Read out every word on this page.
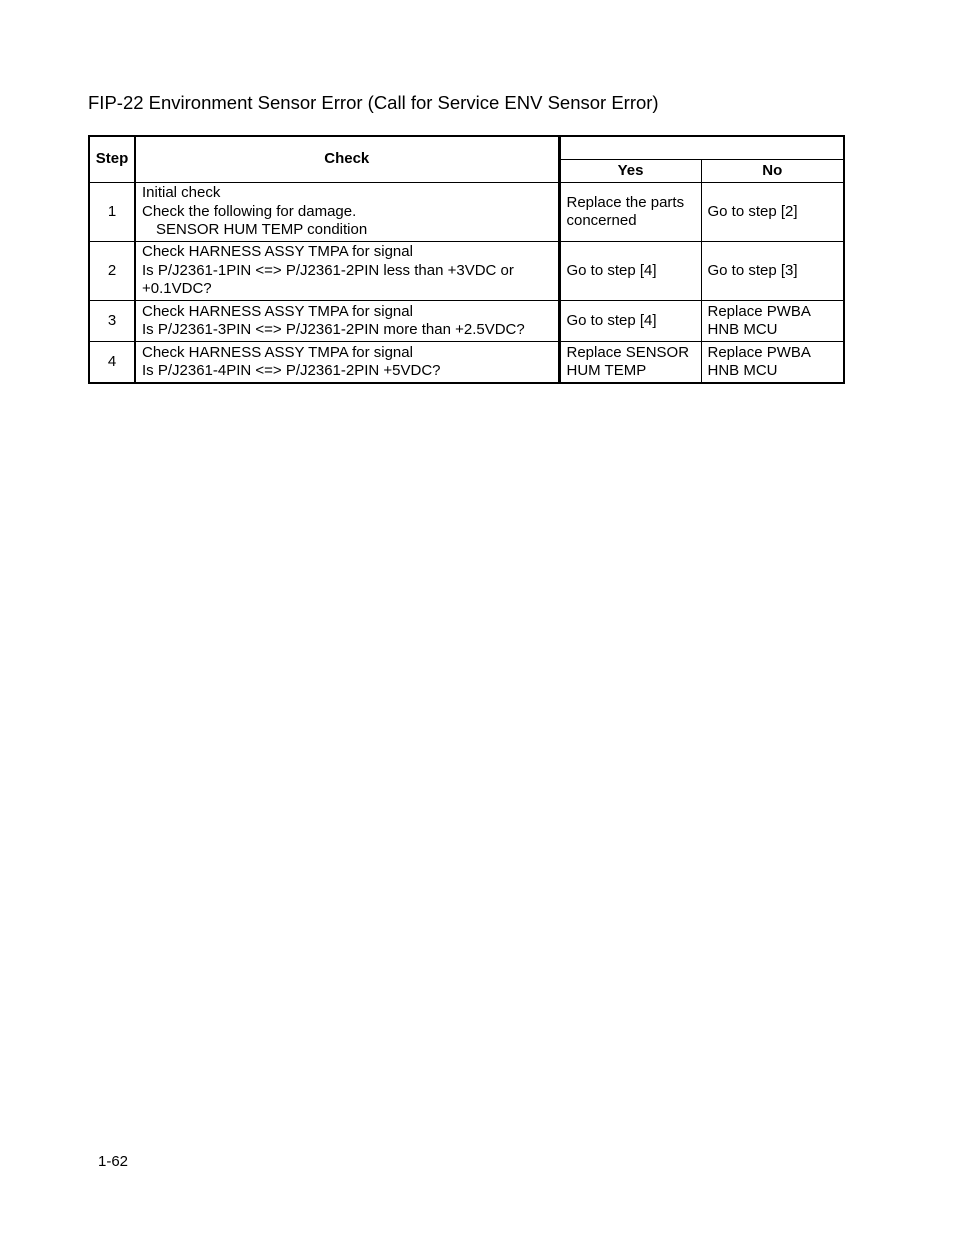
FIP-22 Environment Sensor Error (Call for Service ENV Sensor Error)
Step	Check		
		Yes	No
1	Initial check
Check the following for damage.
SENSOR HUM TEMP condition	Replace the parts concerned	Go to step [2]

2	Check HARNESS ASSY TMPA for signal
Is P/J2361-1PIN <=> P/J2361-2PIN less than +3VDC or
+0.1VDC?	Go to step [4]	Go to step [3]

3	Check HARNESS ASSY TMPA for signal
Is P/J2361-3PIN <=> P/J2361-2PIN more than +2.5VDC?	Go to step [4]	Replace PWBA HNB MCU

4	Check HARNESS ASSY TMPA for signal
Is P/J2361-4PIN <=> P/J2361-2PIN +5VDC?	Replace SENSOR HUM TEMP	Replace PWBA HNB MCU
1-62
